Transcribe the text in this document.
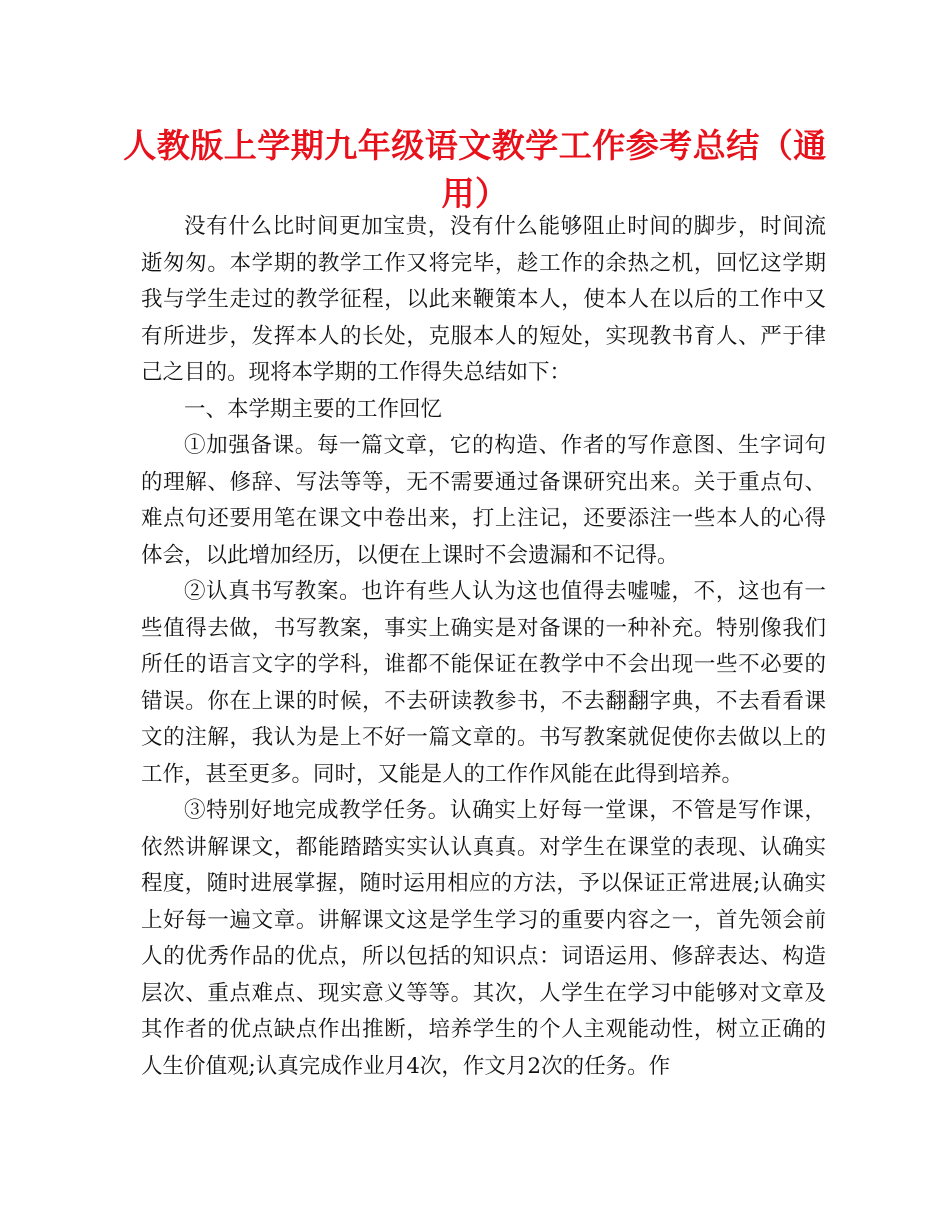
人教版上学期九年级语文教学工作参考总结（通用）

没有什么比时间更加宝贵，没有什么能够阻止时间的脚步，时间流逝匆匆。本学期的教学工作又将完毕，趁工作的余热之机，回忆这学期我与学生走过的教学征程，以此来鞭策本人，使本人在以后的工作中又有所进步，发挥本人的长处，克服本人的短处，实现教书育人、严于律己之目的。现将本学期的工作得失总结如下：

一、本学期主要的工作回忆

①加强备课。每一篇文章，它的构造、作者的写作意图、生字词句的理解、修辞、写法等等，无不需要通过备课研究出来。关于重点句、难点句还要用笔在课文中卷出来，打上注记，还要添注一些本人的心得体会，以此增加经历，以便在上课时不会遗漏和不记得。

②认真书写教案。也许有些人认为这也值得去嘘嘘，不，这也有一些值得去做，书写教案，事实上确实是对备课的一种补充。特别像我们所任的语言文字的学科，谁都不能保证在教学中不会出现一些不必要的错误。你在上课的时候，不去研读教参书，不去翻翻字典，不去看看课文的注解，我认为是上不好一篇文章的。书写教案就促使你去做以上的工作，甚至更多。同时，又能是人的工作作风能在此得到培养。

③特别好地完成教学任务。认确实上好每一堂课，不管是写作课，依然讲解课文，都能踏踏实实认认真真。对学生在课堂的表现、认确实程度，随时进展掌握，随时运用相应的方法，予以保证正常进展;认确实上好每一遍文章。讲解课文这是学生学习的重要内容之一，首先领会前人的优秀作品的优点，所以包括的知识点：词语运用、修辞表达、构造层次、重点难点、现实意义等等。其次，人学生在学习中能够对文章及其作者的优点缺点作出推断，培养学生的个人主观能动性，树立正确的人生价值观;认真完成作业月4次，作文月2次的任务。作
